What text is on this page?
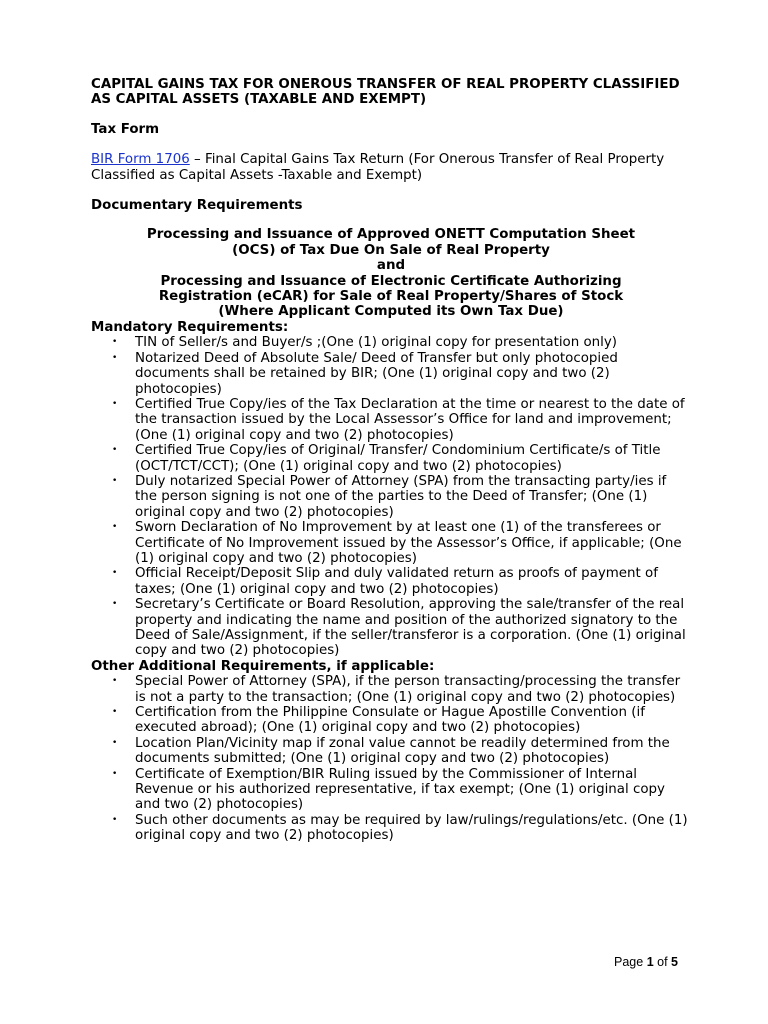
CAPITAL GAINS TAX FOR ONEROUS TRANSFER OF REAL PROPERTY CLASSIFIED AS CAPITAL ASSETS (TAXABLE AND EXEMPT)

Tax Form

BIR Form 1706 – Final Capital Gains Tax Return (For Onerous Transfer of Real Property Classified as Capital Assets -Taxable and Exempt)

Documentary Requirements

Processing and Issuance of Approved ONETT Computation Sheet
(OCS) of Tax Due On Sale of Real Property
and
Processing and Issuance of Electronic Certificate Authorizing
Registration (eCAR) for Sale of Real Property/Shares of Stock
(Where Applicant Computed its Own Tax Due)

Mandatory Requirements:

• TIN of Seller/s and Buyer/s ;(One (1) original copy for presentation only)
• Notarized Deed of Absolute Sale/ Deed of Transfer but only photocopied documents shall be retained by BIR; (One (1) original copy and two (2) photocopies)
• Certified True Copy/ies of the Tax Declaration at the time or nearest to the date of the transaction issued by the Local Assessor’s Office for land and improvement; (One (1) original copy and two (2) photocopies)
• Certified True Copy/ies of Original/ Transfer/ Condominium Certificate/s of Title (OCT/TCT/CCT); (One (1) original copy and two (2) photocopies)
• Duly notarized Special Power of Attorney (SPA) from the transacting party/ies if the person signing is not one of the parties to the Deed of Transfer; (One (1) original copy and two (2) photocopies)
• Sworn Declaration of No Improvement by at least one (1) of the transferees or Certificate of No Improvement issued by the Assessor’s Office, if applicable; (One (1) original copy and two (2) photocopies)
• Official Receipt/Deposit Slip and duly validated return as proofs of payment of taxes; (One (1) original copy and two (2) photocopies)
• Secretary’s Certificate or Board Resolution, approving the sale/transfer of the real property and indicating the name and position of the authorized signatory to the Deed of Sale/Assignment, if the seller/transferor is a corporation. (One (1) original copy and two (2) photocopies)

Other Additional Requirements, if applicable:

• Special Power of Attorney (SPA), if the person transacting/processing the transfer is not a party to the transaction; (One (1) original copy and two (2) photocopies)
• Certification from the Philippine Consulate or Hague Apostille Convention (if executed abroad); (One (1) original copy and two (2) photocopies)
• Location Plan/Vicinity map if zonal value cannot be readily determined from the documents submitted; (One (1) original copy and two (2) photocopies)
• Certificate of Exemption/BIR Ruling issued by the Commissioner of Internal Revenue or his authorized representative, if tax exempt; (One (1) original copy and two (2) photocopies)
• Such other documents as may be required by law/rulings/regulations/etc. (One (1) original copy and two (2) photocopies)
Page 1 of 5
